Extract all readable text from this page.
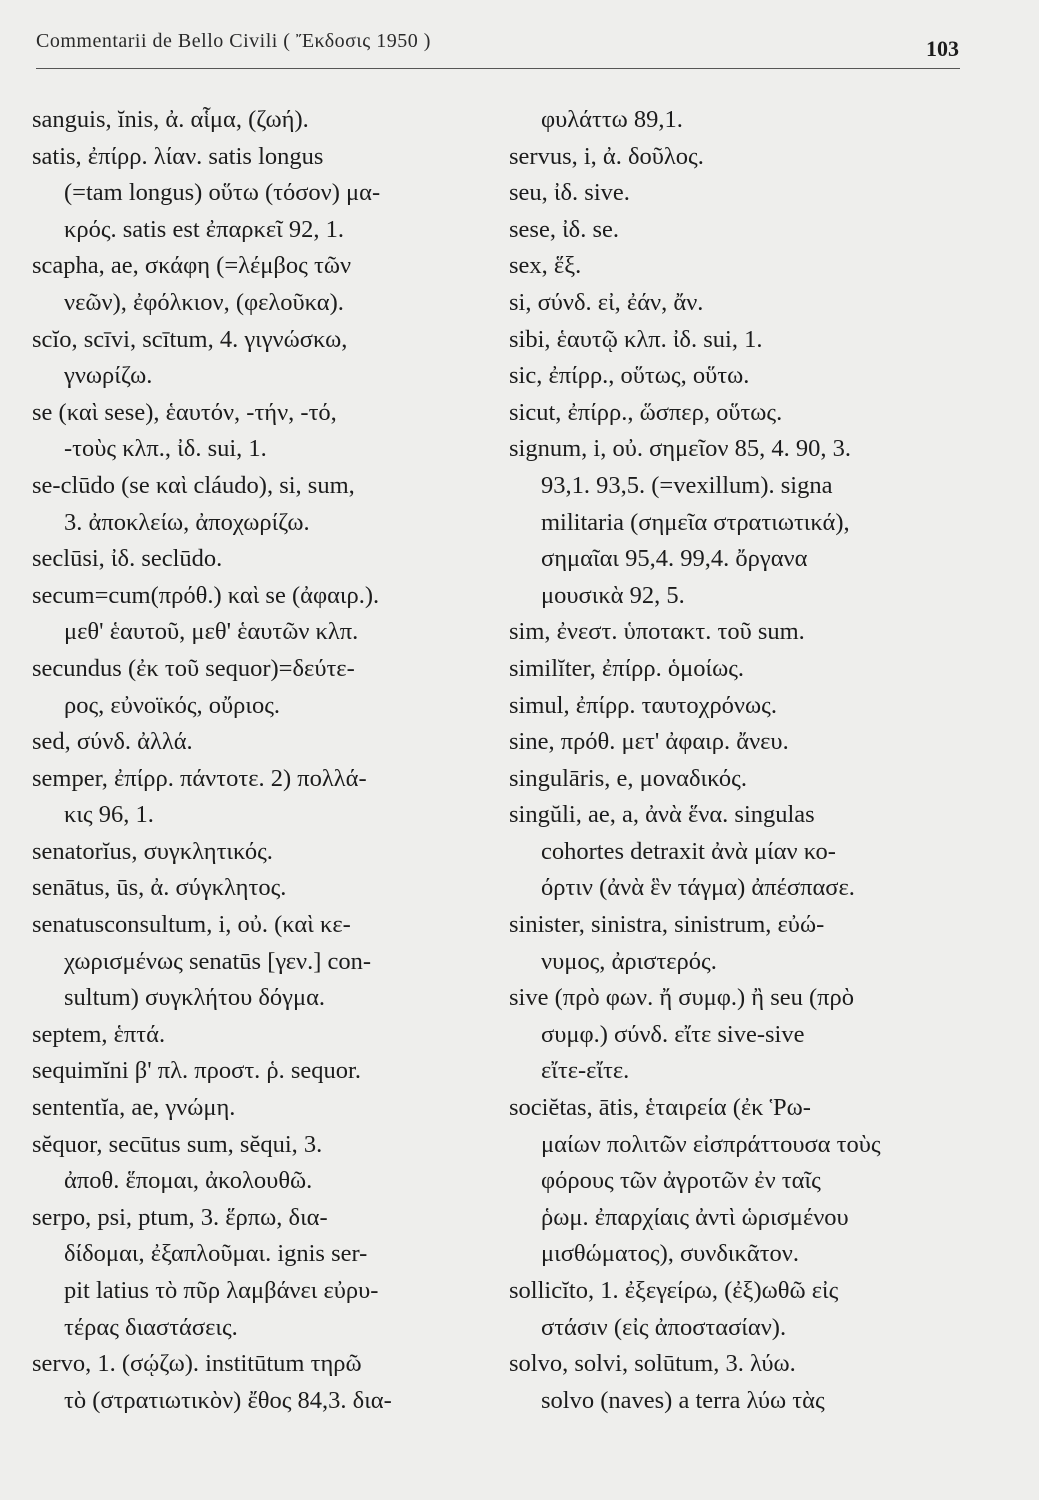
Commentarii de Bello Civili ( Ἔκδοσις 1950 )	103
sanguis, ĭnis, ἀ. αἷμα, (ζωή).
satis, ἐπίρρ. λίαν. satis longus
(=tam longus) οὕτω (τόσον) μα-
κρός. satis est ἐπαρκεῖ 92, 1.
scapha, ae, σκάφη (=λέμβος τῶν
νεῶν), ἐφόλκιον, (φελοῦκα).
scĭo, scīvi, scītum, 4. γιγνώσκω,
γνωρίζω.
se (καὶ sese), ἑαυτόν, -τήν, -τό,
-τοὺς κλπ., ἰδ. sui, 1.
se-clūdo (se καὶ cláudo), si, sum,
3. ἀποκλείω, ἀποχωρίζω.
seclūsi, ἰδ. seclūdo.
secum=cum(πρόθ.) καὶ se (ἀφαιρ.).
μεθ' ἑαυτοῦ, μεθ' ἑαυτῶν κλπ.
secundus (ἐκ τοῦ sequor)=δεύτε-
ρος, εὐνοϊκός, οὔριος.
sed, σύνδ. ἀλλά.
semper, ἐπίρρ. πάντοτε. 2) πολλά-
κις 96, 1.
senatorĭus, συγκλητικός.
senātus, ūs, ἀ. σύγκλητος.
senatusconsultum, i, οὐ. (καὶ κε-
χωρισμένως senatūs [γεν.] con-
sultum) συγκλήτου δόγμα.
septem, ἑπτά.
sequimĭni β' πλ. προστ. ῥ. sequor.
sententĭa, ae, γνώμη.
sĕquor, secūtus sum, sĕqui, 3.
ἀποθ. ἕπομαι, ἀκολουθῶ.
serpo, psi, ptum, 3. ἕρπω, δια-
δίδομαι, ἐξαπλοῦμαι. ignis ser-
pit latius τὸ πῦρ λαμβάνει εὐρυ-
τέρας διαστάσεις.
servo, 1. (σῴζω). institūtum τηρῶ
τὸ (στρατιωτικὸν) ἔθος 84,3. δια-
φυλάττω 89,1.
servus, i, ἀ. δοῦλος.
seu, ἰδ. sive.
sese, ἰδ. se.
sex, ἕξ.
si, σύνδ. εἰ, ἐάν, ἄν.
sibi, ἑαυτῷ κλπ. ἰδ. sui, 1.
sic, ἐπίρρ., οὕτως, οὕτω.
sicut, ἐπίρρ., ὥσπερ, οὕτως.
signum, i, οὐ. σημεῖον 85, 4. 90, 3.
93,1. 93,5. (=vexillum). signa
militaria (σημεῖα στρατιωτικά),
σημαῖαι 95,4. 99,4. ὄργανα
μουσικὰ 92, 5.
sim, ἐνεστ. ὑποτακτ. τοῦ sum.
similĭter, ἐπίρρ. ὁμοίως.
simul, ἐπίρρ. ταυτοχρόνως.
sine, πρόθ. μετ' ἀφαιρ. ἄνευ.
singulāris, e, μοναδικός.
singŭli, ae, a, ἀνὰ ἕνα. singulas
cohortes detraxit ἀνὰ μίαν κο-
όρτιν (ἀνὰ ἓν τάγμα) ἀπέσπασε.
sinister, sinistra, sinistrum, εὐώ-
νυμος, ἀριστερός.
sive (πρὸ φων. ἤ συμφ.) ἢ seu (πρὸ
συμφ.) σύνδ. εἴτε sive-sive
εἴτε-εἴτε.
sociĕtas, ātis, ἑταιρεία (ἐκ Ῥω-
μαίων πολιτῶν εἰσπράττουσα τοὺς
φόρους τῶν ἀγροτῶν ἐν ταῖς
ῥωμ. ἐπαρχίαις ἀντὶ ὡρισμένου
μισθώματος), συνδικᾶτον.
sollicĭto, 1. ἐξεγείρω, (ἐξ)ωθῶ εἰς
στάσιν (εἰς ἀποστασίαν).
solvo, solvi, solūtum, 3. λύω.
solvo (naves) a terra λύω τὰς
